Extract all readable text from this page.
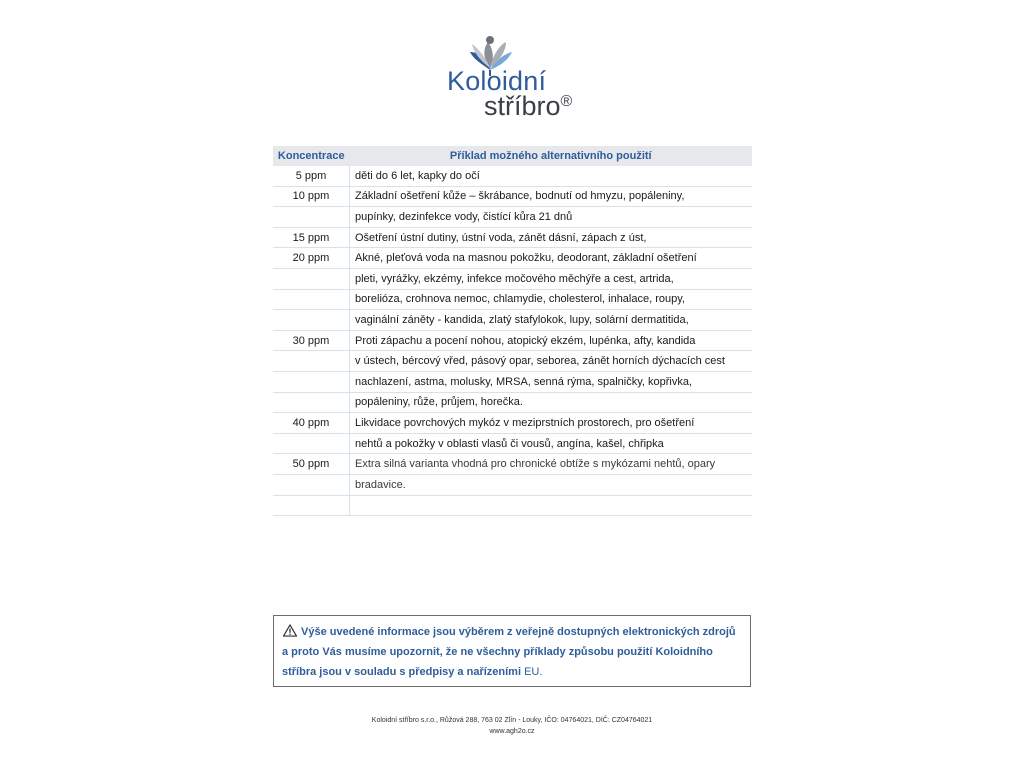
Koloidní
stříbro®
Koncentrace	Příklad možného alternativního použití
5 ppm	děti do 6 let, kapky do očí
10 ppm	Základní ošetření kůže – škrábance, bodnutí od hmyzu, popáleniny,
	pupínky, dezinfekce vody, čistící kůra 21 dnů
15 ppm	Ošetření ústní dutiny, ústní voda, zánět dásní, zápach z úst,
20 ppm	Akné, pleťová voda na masnou pokožku, deodorant, základní ošetření
	pleti, vyrážky, ekzémy, infekce močového měchýře a cest, artrida,
	borelióza, crohnova nemoc, chlamydie, cholesterol, inhalace, roupy,
	vaginální záněty - kandida, zlatý stafylokok, lupy, solární dermatitida,
30 ppm	Proti zápachu a pocení nohou, atopický ekzém, lupénka, afty, kandida
	v ústech, bércový vřed, pásový opar, seborea, zánět horních dýchacích cest
	nachlazení, astma, molusky, MRSA, senná rýma, spalničky, kopřivka,
	popáleniny, růže, průjem, horečka.
40 ppm	Likvidace povrchových mykóz v meziprstních prostorech, pro ošetření
	nehtů a pokožky v oblasti vlasů či vousů, angína, kašel, chřipka
50 ppm	Extra silná varianta vhodná pro chronické obtíže s mykózami nehtů, opary
	bradavice.

Výše uvedené informace jsou výběrem z veřejně dostupných elektronických zdrojů a proto Vás musíme upozornit, že ne všechny příklady způsobu použití Koloidního stříbra jsou v souladu s předpisy a nařízeními EU.
Koloidní stříbro s.r.o., Růžová 288, 763 02 Zlín - Louky, IČO: 04764021, DIČ: CZ04764021
www.agh2o.cz
